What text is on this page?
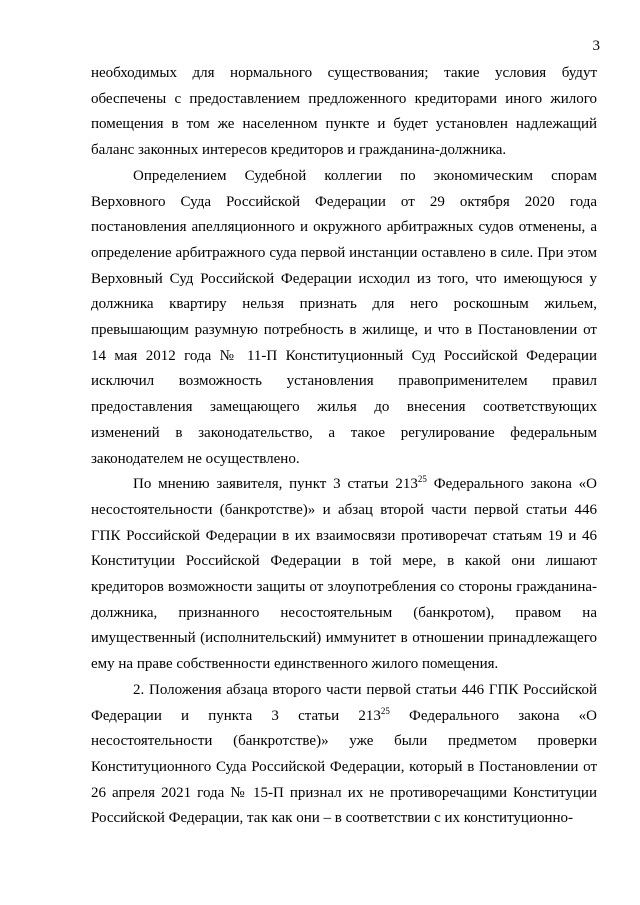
3

необходимых для нормального существования; такие условия будут обеспечены с предоставлением предложенного кредиторами иного жилого помещения в том же населенном пункте и будет установлен надлежащий баланс законных интересов кредиторов и гражданина-должника.

Определением Судебной коллегии по экономическим спорам Верховного Суда Российской Федерации от 29 октября 2020 года постановления апелляционного и окружного арбитражных судов отменены, а определение арбитражного суда первой инстанции оставлено в силе. При этом Верховный Суд Российской Федерации исходил из того, что имеющуюся у должника квартиру нельзя признать для него роскошным жильем, превышающим разумную потребность в жилище, и что в Постановлении от 14 мая 2012 года № 11-П Конституционный Суд Российской Федерации исключил возможность установления правоприменителем правил предоставления замещающего жилья до внесения соответствующих изменений в законодательство, а такое регулирование федеральным законодателем не осуществлено.

По мнению заявителя, пункт 3 статьи $213^{25}$ Федерального закона «О несостоятельности (банкротстве)» и абзац второй части первой статьи 446 ГПК Российской Федерации в их взаимосвязи противоречат статьям 19 и 46 Конституции Российской Федерации в той мере, в какой они лишают кредиторов возможности защиты от злоупотребления со стороны гражданина-должника, признанного несостоятельным (банкротом), правом на имущественный (исполнительский) иммунитет в отношении принадлежащего ему на праве собственности единственного жилого помещения.

2. Положения абзаца второго части первой статьи 446 ГПК Российской Федерации и пункта 3 статьи $213^{25}$ Федерального закона «О несостоятельности (банкротстве)» уже были предметом проверки Конституционного Суда Российской Федерации, который в Постановлении от 26 апреля 2021 года № 15-П признал их не противоречащими Конституции Российской Федерации, так как они – в соответствии с их конституционно-
